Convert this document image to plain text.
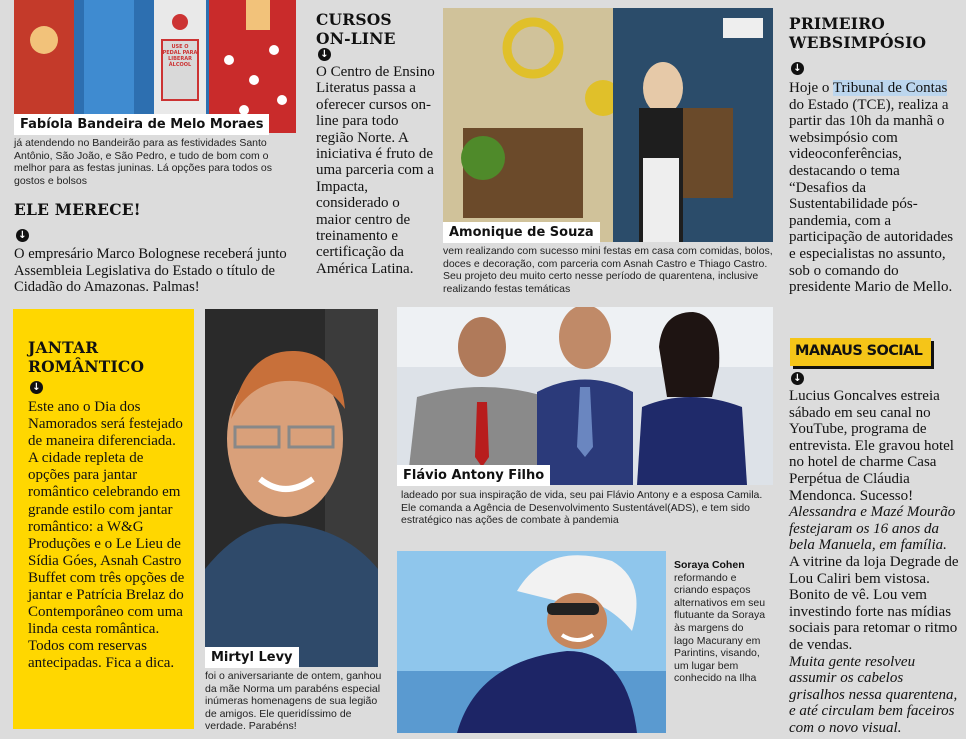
USE O PEDAL PARA LIBERAR ÁLCOOL
Fabíola Bandeira de Melo Moraes
já atendendo no Bandeirão para as festividades Santo Antônio, São João, e São Pedro, e tudo de bom com o melhor para as festas juninas. Lá opções para todos os gostos e bolsos
ELE MERECE!
↓
O empresário Marco Bolognese receberá junto Assembleia Legislativa do Estado o título de Cidadão do Amazonas. Palmas!
CURSOS
ON-LINE
↓
O Centro de Ensino Literatus passa a oferecer cursos on-line para todo região Norte. A iniciativa é fruto de uma parceria com a Impacta, considerado o maior centro de treinamento e certificação da América Latina.
Amonique de Souza
vem realizando com sucesso mini festas em casa com comidas, bolos, doces e decoração, com parceria com Asnah Castro e Thiago Castro. Seu projeto deu muito certo nesse período de quarentena, inclusive realizando festas temáticas
PRIMEIRO
WEBSIMPÓSIO
↓
Hoje o Tribunal de Contas do Estado (TCE), realiza a partir das 10h da manhã o websimpósio com videoconferências, destacando o tema “Desafios da Sustentabilidade pós-pandemia, com a participação de autoridades e especialistas no assunto, sob o comando do presidente Mario de Mello.
JANTAR
ROMÂNTICO
↓
Este ano o Dia dos Namorados será festejado de maneira diferenciada. A cidade repleta de opções para jantar romântico celebrando em grande estilo com jantar romântico: a W&G Produções e o Le Lieu de Sídia Góes, Asnah Castro Buffet com três opções de jantar e Patrícia Brelaz do Contemporâneo com uma linda cesta romântica. Todos com reservas antecipadas. Fica a dica.	Mirtyl Levy
foi o aniversariante de ontem, ganhou da mãe Norma um parabéns especial inúmeras homenagens de sua legião de amigos. Ele queridíssimo de verdade. Parabéns!
Flávio Antony Filho
ladeado por sua inspiração de vida, seu pai Flávio Antony e a esposa Camila. Ele comanda a Agência de Desenvolvimento Sustentável(ADS), e tem sido estratégico nas ações de combate à pandemia
Soraya Cohen
reformando e criando espaços alternativos em seu flutuante da Soraya às margens do lago Macurany em Parintins, visando, um lugar bem conhecido na Ilha
MANAUS SOCIAL
↓
Lucius Goncalves estreia sábado em seu canal no YouTube, programa de entrevista. Ele gravou hotel no hotel de charme Casa Perpétua de Cláudia Mendonca. Sucesso!
Alessandra e Mazé Mourão festejaram os 16 anos da bela Manuela, em família.
A vitrine da loja Degrade de Lou Caliri bem vistosa. Bonito de vê. Lou vem investindo forte nas mídias sociais para retomar o ritmo de vendas.
Muita gente resolveu assumir os cabelos grisalhos nessa quarentena, e até circulam bem faceiros com o novo visual.
